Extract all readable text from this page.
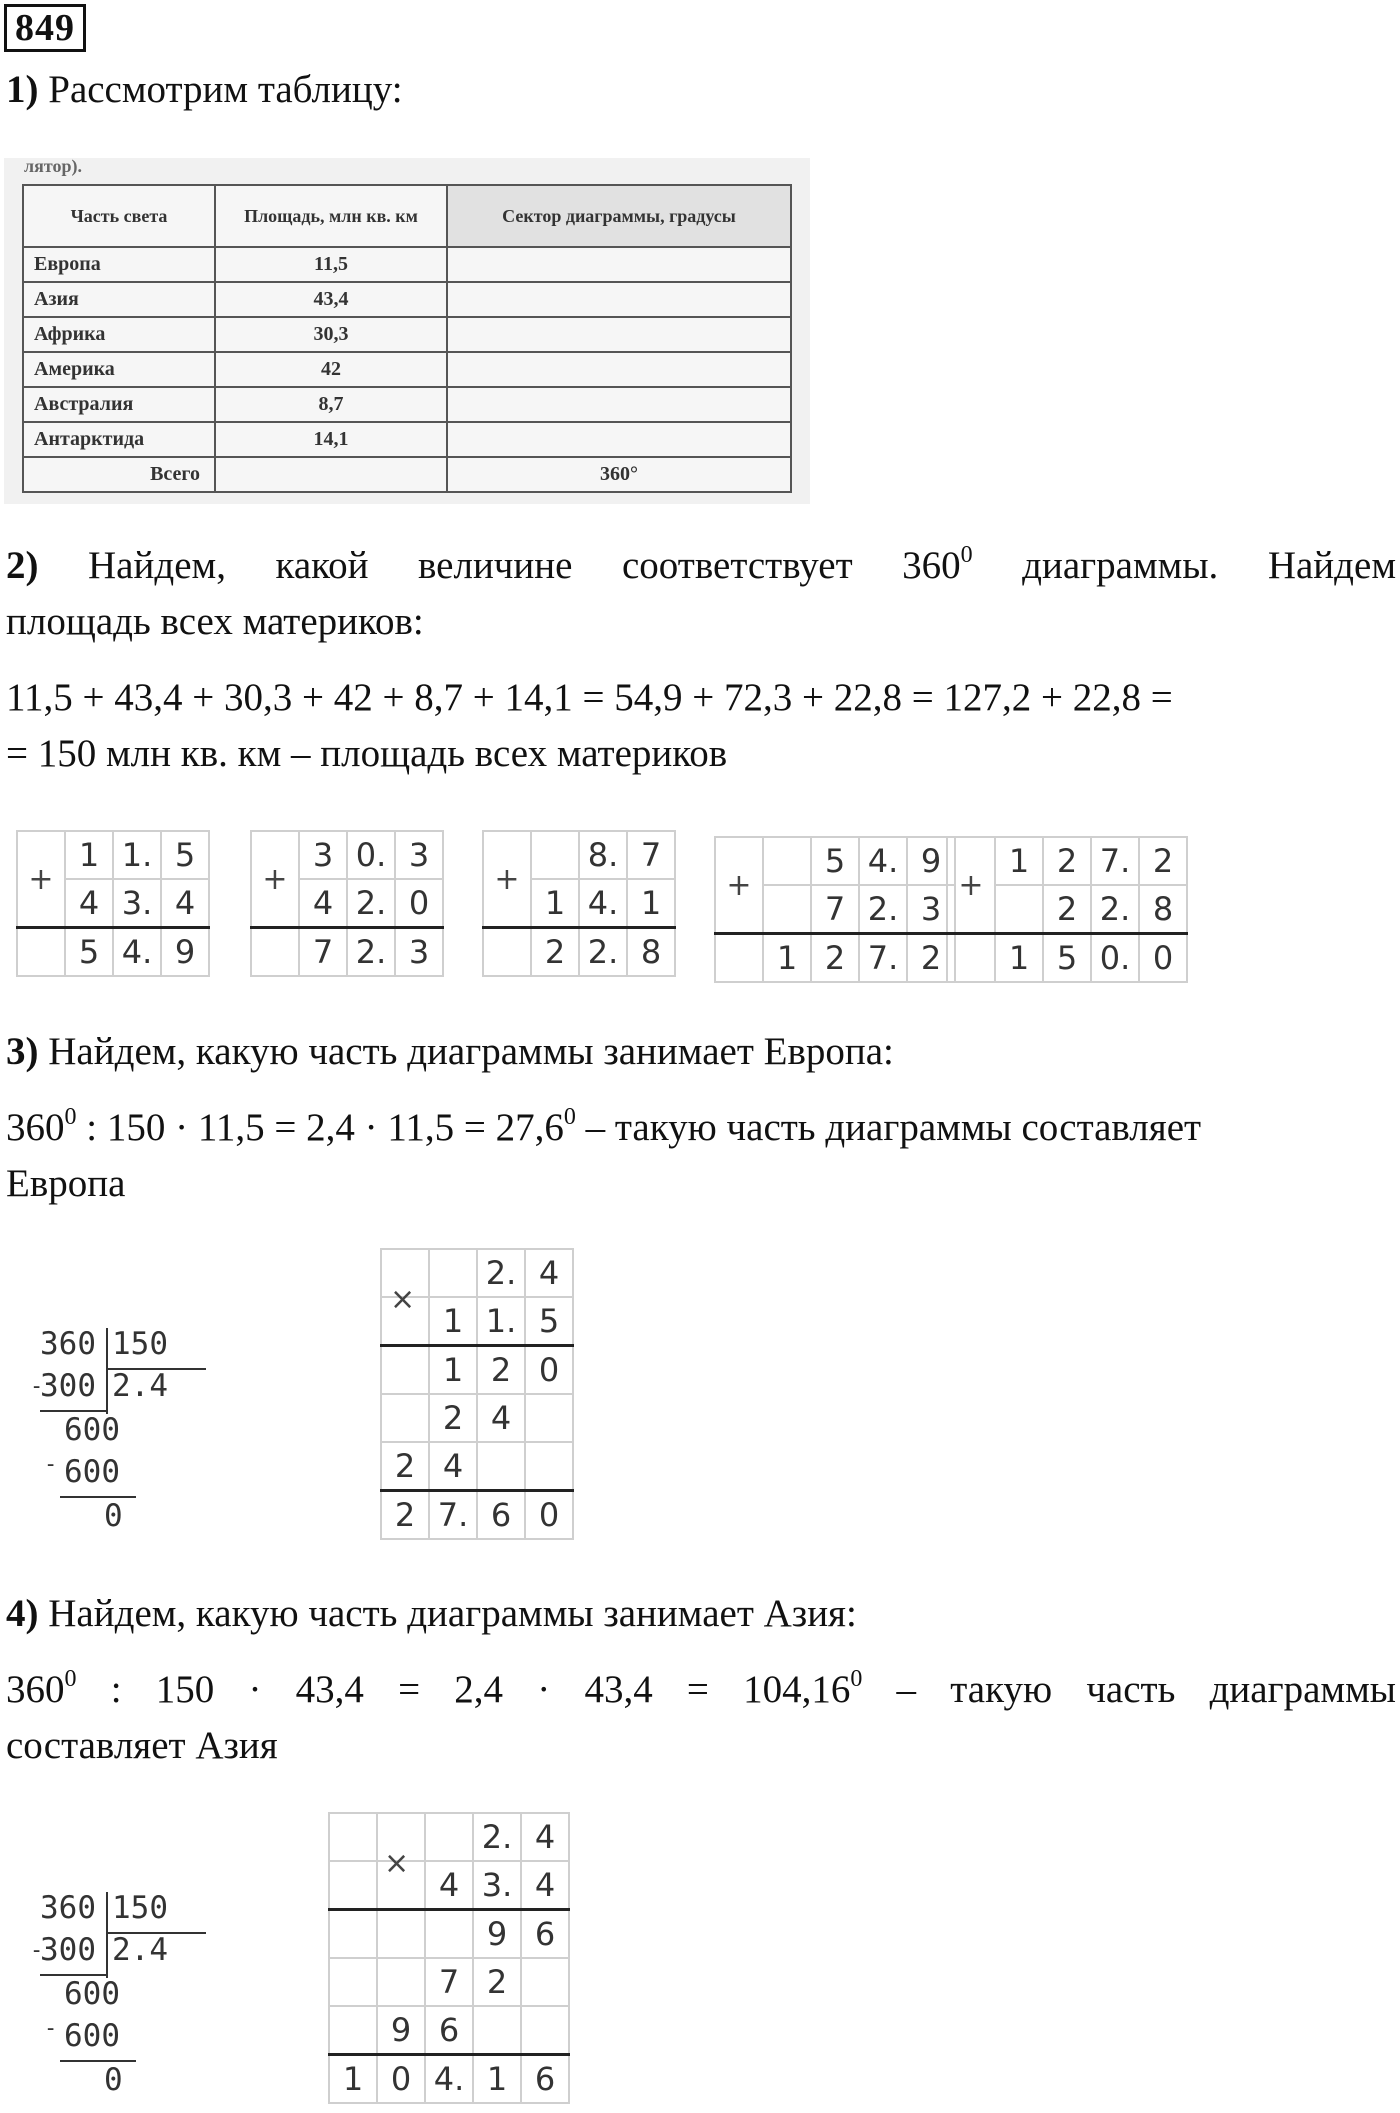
849
1) Рассмотрим таблицу:
лятор).
Часть света	Площадь, млн кв. км	Сектор диаграммы, градусы
Европа	11,5	
Азия	43,4	
Африка	30,3	
Америка	42	
Австралия	8,7	
Антарктида	14,1	
Всего		360°
2) Найдем, какой величине соответствует $360^0$ диаграммы. Найдем
площадь всех материков:
11,5 + 43,4 + 30,3 + 42 + 8,7 + 14,1 = 54,9 + 72,3 + 22,8 = 127,2 + 22,8 =
= 150 млн кв. км – площадь всех материков
+	1	1.	5
	4	3.	4
	5	4.	9
+	3	0.	3
	4	2.	0
	7	2.	3
+		8.	7
	1	4.	1
	2	2.	8
+		5	4.	9
		7	2.	3
	1	2	7.	2
+	1	2	7.	2
		2	2.	8
	1	5	0.	0
3) Найдем, какую часть диаграммы занимает Европа:
$360^0$ : $150 \cdot 11,5 = 2,4 \cdot 11,5 = 27,6^0$ – такую часть диаграммы составляет
Европа
360 150
-
300 2.4
600
- 600
0
		2.	4
	1	1.	5
	1	2	0
	2	4	
2	4		
2	7.	6	0
×
4) Найдем, какую часть диаграммы занимает Азия:
$360^0$ : $150 \cdot 43,4 = 2,4 \cdot 43,4 = 104,16^0$ – такую часть диаграммы
составляет Азия
360 150
-
300 2.4
600
- 600
0
			2.	4
		4	3.	4
			9	6
		7	2	
	9	6		
1	0	4.	1	6
×
